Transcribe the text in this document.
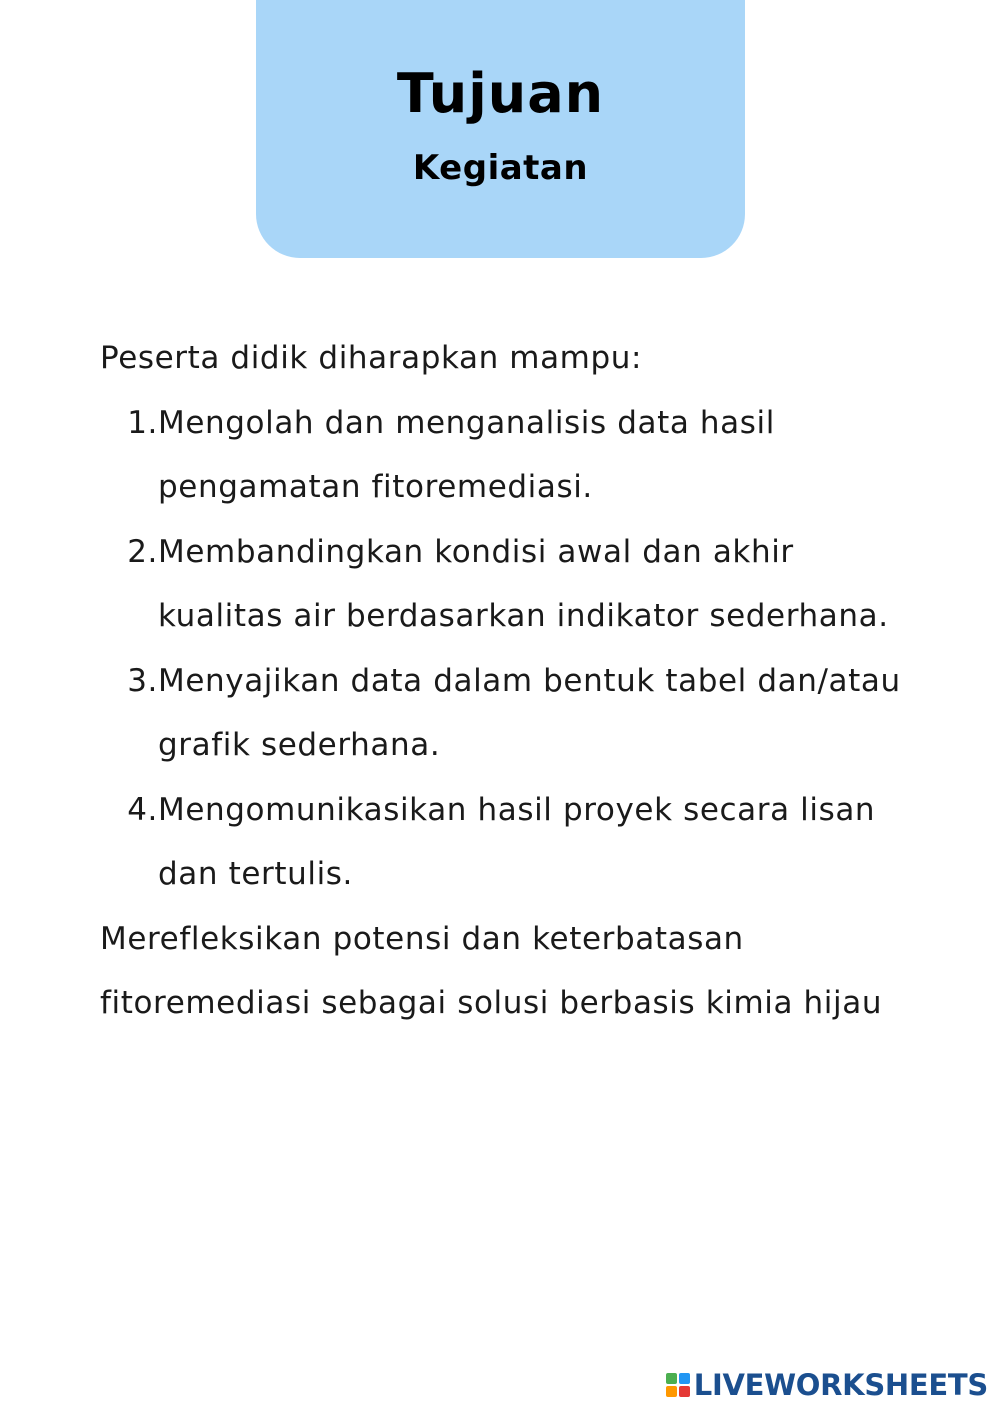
Tujuan
Kegiatan

Peserta didik diharapkan mampu:

1. Mengolah dan menganalisis data hasil
pengamatan fitoremediasi.
2. Membandingkan kondisi awal dan akhir
kualitas air berdasarkan indikator sederhana.
3. Menyajikan data dalam bentuk tabel dan/atau
grafik sederhana.
4. Mengomunikasikan hasil proyek secara lisan
dan tertulis.

Merefleksikan potensi dan keterbatasan
fitoremediasi sebagai solusi berbasis kimia hijau

LIVEWORKSHEETS
